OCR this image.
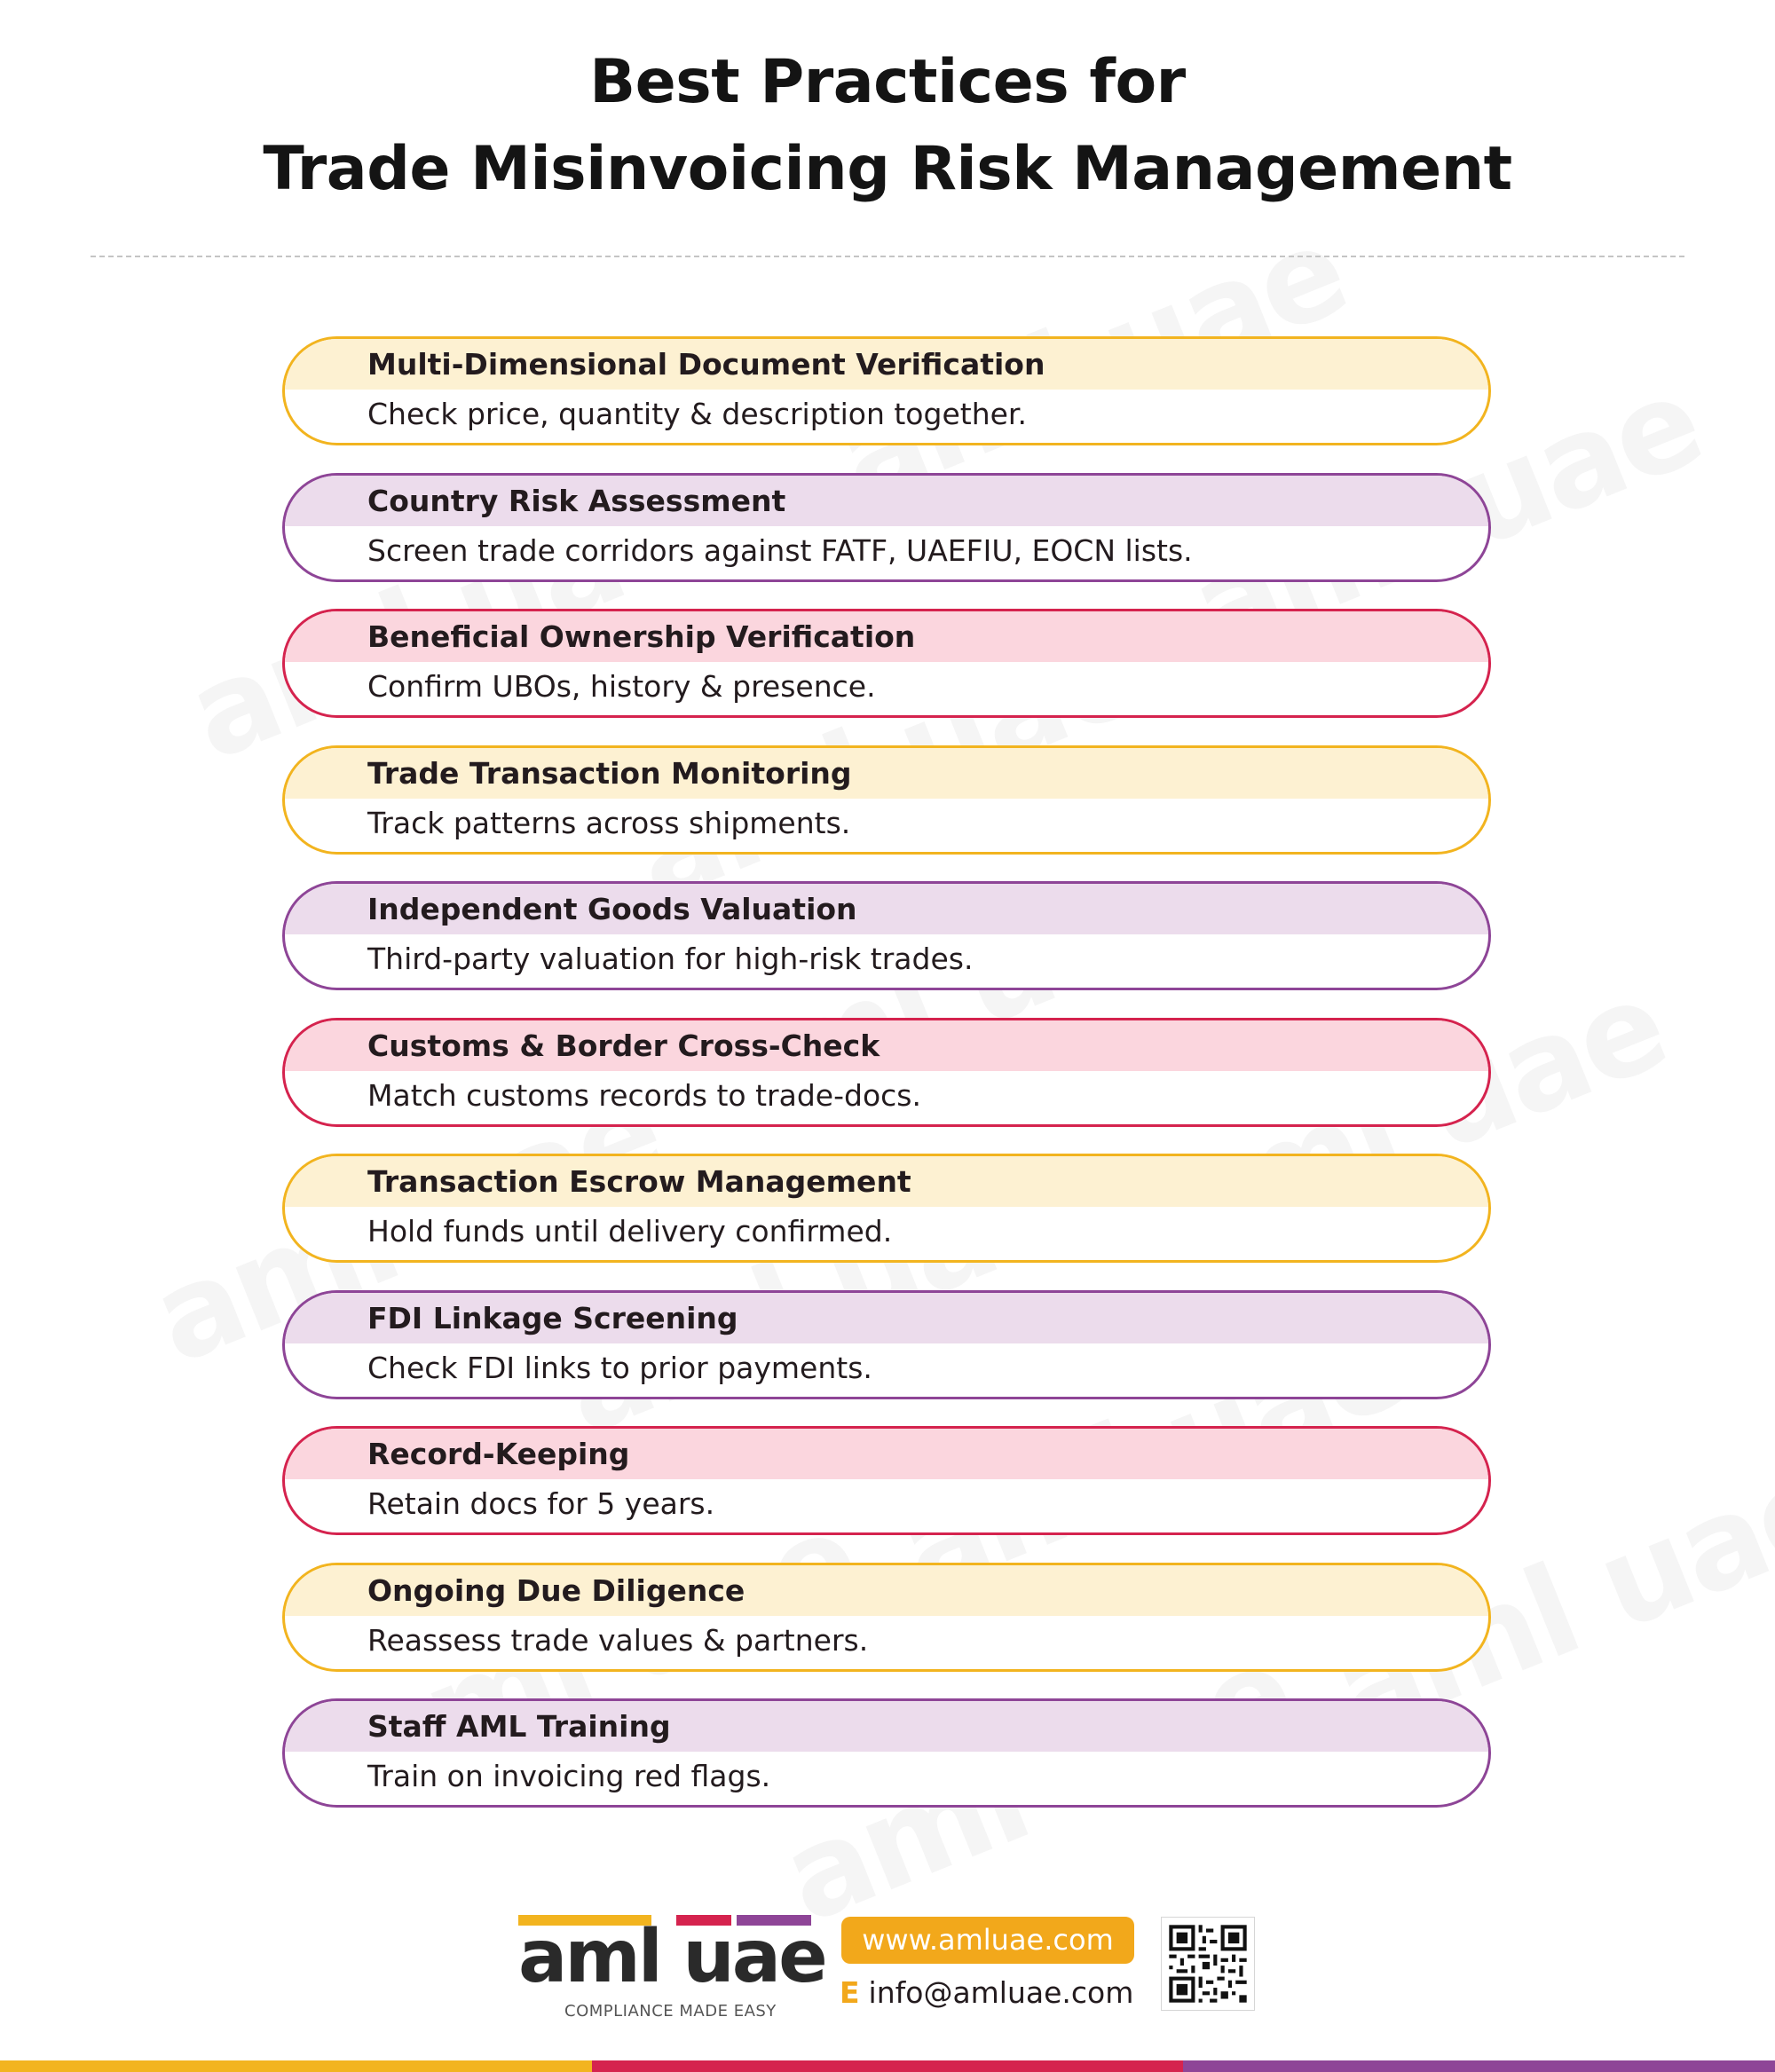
Best Practices for
Trade Misinvoicing Risk Management
Multi-Dimensional Document Verification
Check price, quantity & description together.
Country Risk Assessment
Screen trade corridors against FATF, UAEFIU, EOCN lists.
Beneficial Ownership Verification
Confirm UBOs, history & presence.
Trade Transaction Monitoring
Track patterns across shipments.
Independent Goods Valuation
Third-party valuation for high-risk trades.
Customs & Border Cross-Check
Match customs records to trade-docs.
Transaction Escrow Management
Hold funds until delivery confirmed.
FDI Linkage Screening
Check FDI links to prior payments.
Record-Keeping
Retain docs for 5 years.
Ongoing Due Diligence
Reassess trade values & partners.
Staff AML Training
Train on invoicing red flags.
aml uae
COMPLIANCE MADE EASY
www.amluae.com
E info@amluae.com
